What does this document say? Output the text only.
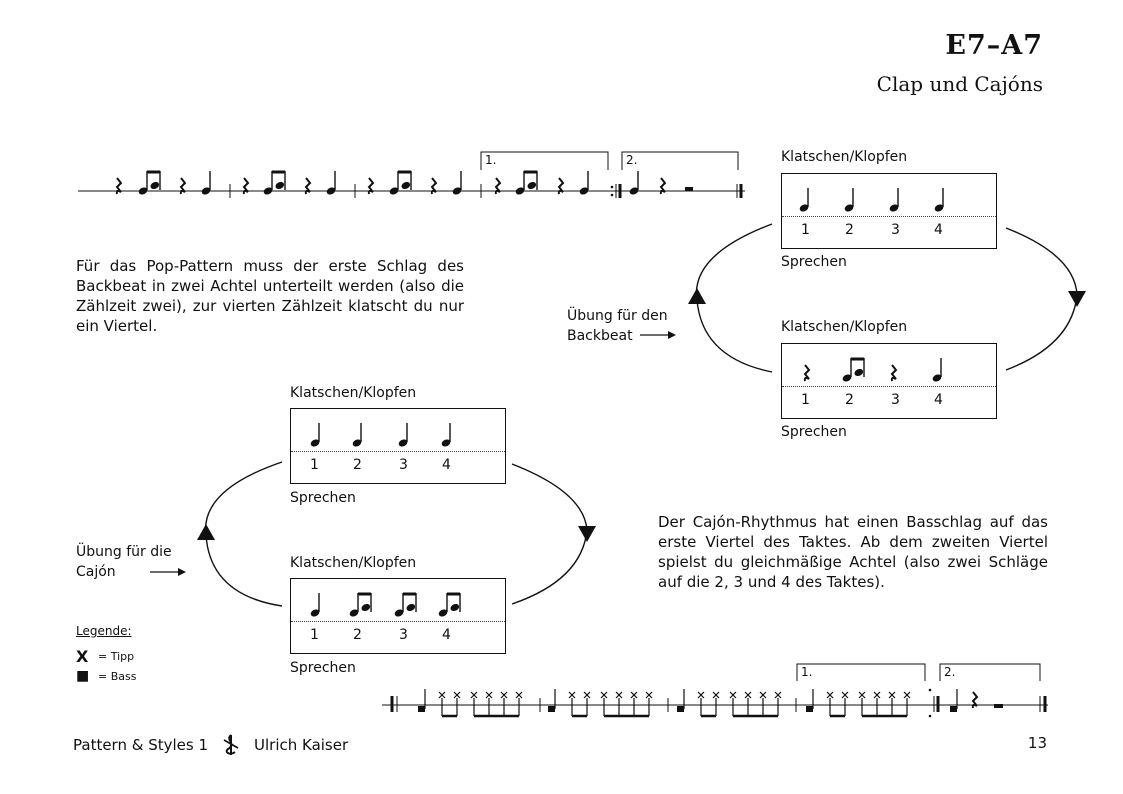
E7–A7
Clap und Cajóns
Für das Pop-Pattern muss der erste Schlag des Backbeat in zwei Achtel unterteilt werden (also die Zählzeit zwei), zur vierten Zählzeit klatscht du nur ein Viertel.
Übung für den
Backbeat
Klatschen/Klopfen
1	2	3 4
Sprechen
Klatschen/Klopfen
1	2	3 4
Sprechen
Klatschen/Klopfen
1 2	3 4
Sprechen
Klatschen/Klopfen
1 2	3 4
Sprechen
Übung für die
Cajón
Der Cajón-Rhythmus hat einen Basschlag auf das erste Viertel des Taktes. Ab dem zweiten Viertel spielst du gleichmäßige Achtel (also zwei Schläge auf die 2, 3 und 4 des Taktes).
Legende:
X = Tipp
■ = Bass
1.	2.
1.	2.
Pattern & Styles 1	Ulrich Kaiser	13
